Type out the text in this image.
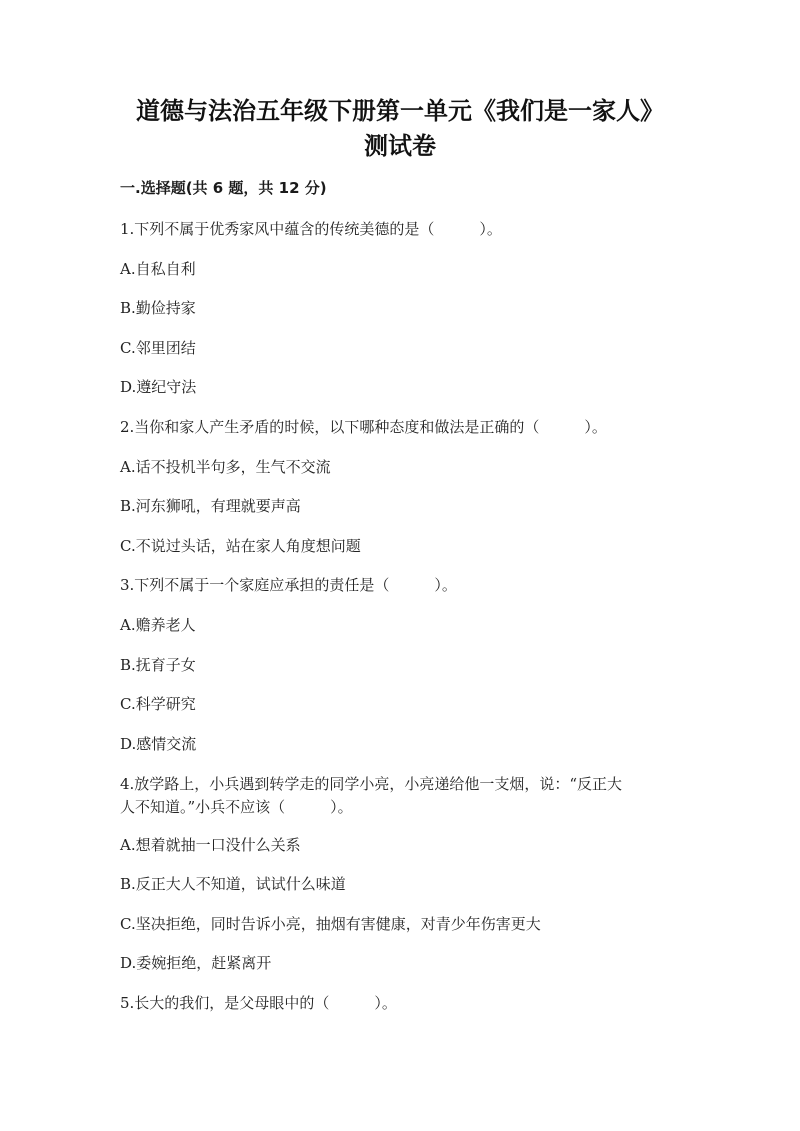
道德与法治五年级下册第一单元《我们是一家人》
测试卷
一.选择题(共 6 题，共 12 分)
1.下列不属于优秀家风中蕴含的传统美德的是（　　　）。
A.自私自利
B.勤俭持家
C.邻里团结
D.遵纪守法
2.当你和家人产生矛盾的时候，以下哪种态度和做法是正确的（　　　）。
A.话不投机半句多，生气不交流
B.河东狮吼，有理就要声高
C.不说过头话，站在家人角度想问题
3.下列不属于一个家庭应承担的责任是（　　　）。
A.赡养老人
B.抚育子女
C.科学研究
D.感情交流
4.放学路上，小兵遇到转学走的同学小亮，小亮递给他一支烟，说：“反正大
人不知道。”小兵不应该（　　　）。
A.想着就抽一口没什么关系
B.反正大人不知道，试试什么味道
C.坚决拒绝，同时告诉小亮，抽烟有害健康，对青少年伤害更大
D.委婉拒绝，赶紧离开
5.长大的我们，是父母眼中的（　　　）。
